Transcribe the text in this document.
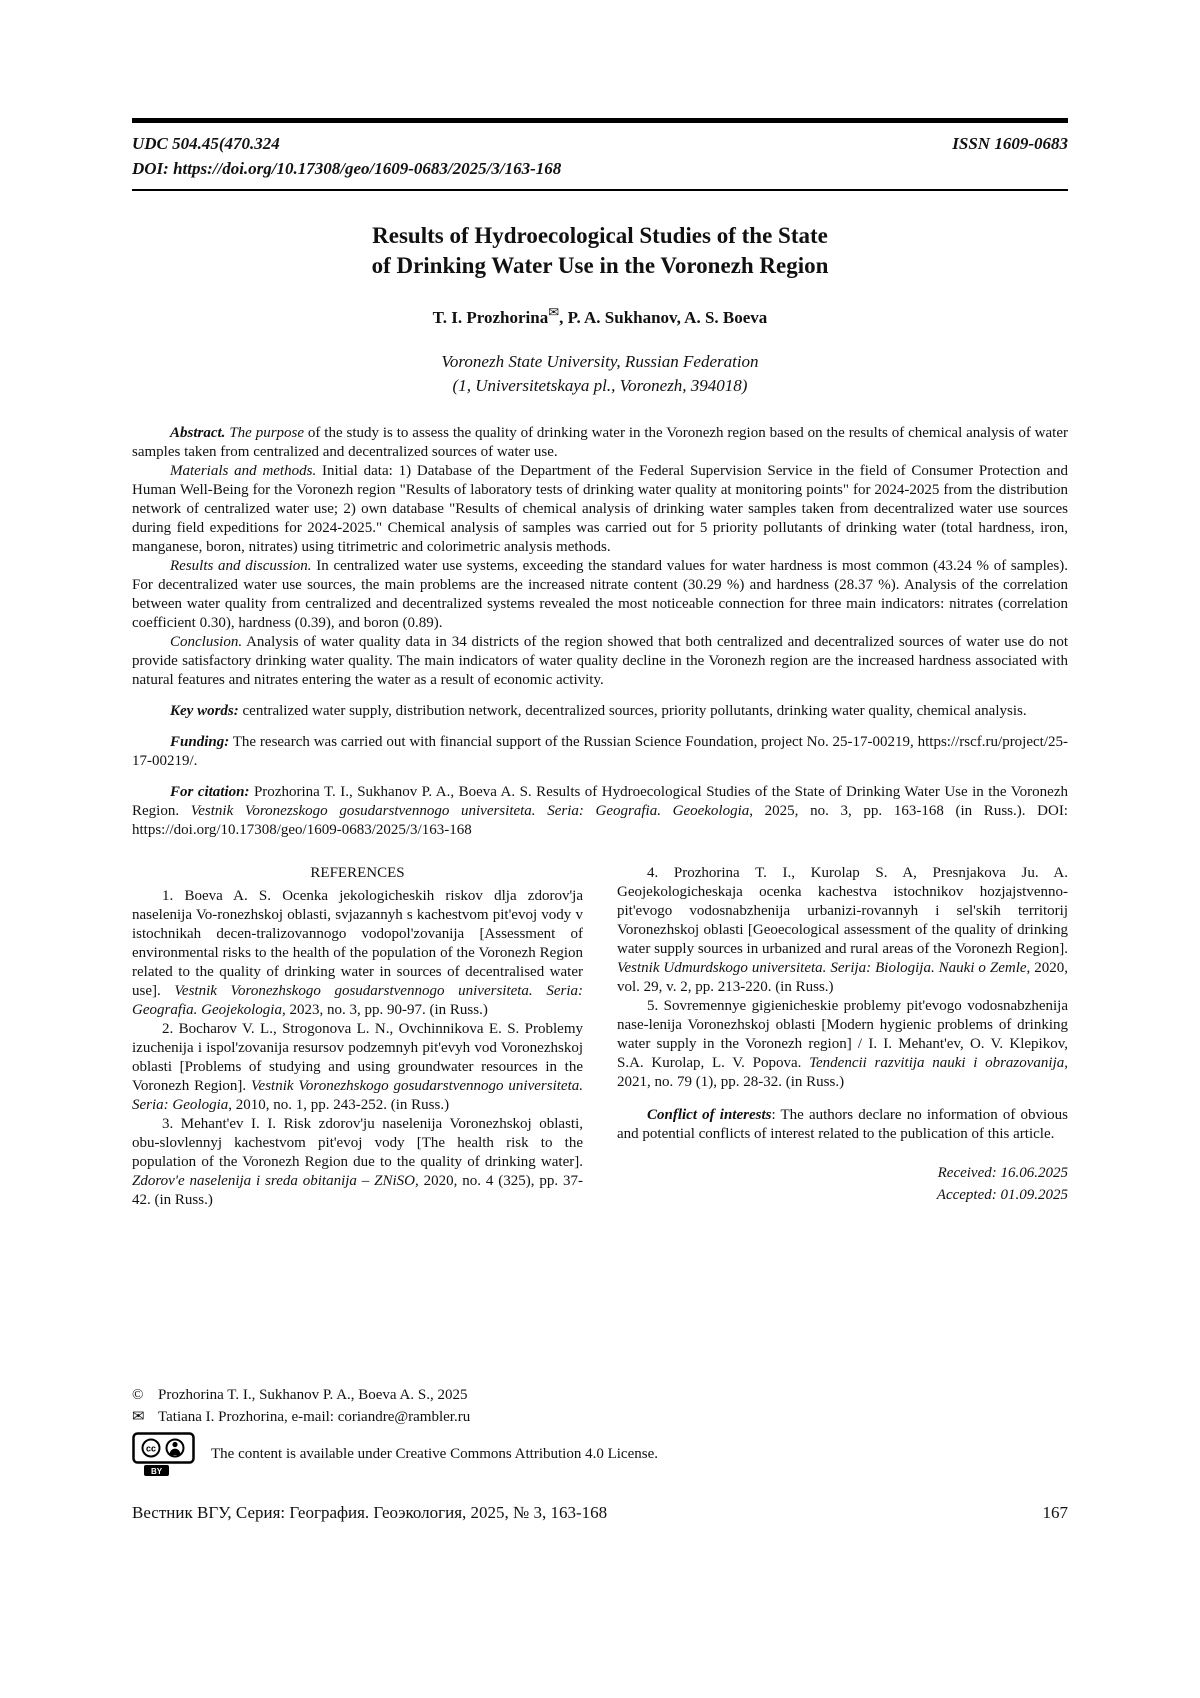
UDC 504.45(470.324	ISSN 1609-0683
DOI: https://doi.org/10.17308/geo/1609-0683/2025/3/163-168
Results of Hydroecological Studies of the State
of Drinking Water Use in the Voronezh Region
T. I. Prozhorina✉, P. A. Sukhanov, A. S. Boeva
Voronezh State University, Russian Federation
(1, Universitetskaya pl., Voronezh, 394018)

Abstract. The purpose of the study is to assess the quality of drinking water in the Voronezh region based on the results of chemical analysis of water samples taken from centralized and decentralized sources of water use.

Materials and methods. Initial data: 1) Database of the Department of the Federal Supervision Service in the field of Consumer Protection and Human Well-Being for the Voronezh region "Results of laboratory tests of drinking water quality at monitoring points" for 2024-2025 from the distribution network of centralized water use; 2) own database "Results of chemical analysis of drinking water samples taken from decentralized water use sources during field expeditions for 2024-2025." Chemical analysis of samples was carried out for 5 priority pollutants of drinking water (total hardness, iron, manganese, boron, nitrates) using titrimetric and colorimetric analysis methods.

Results and discussion. In centralized water use systems, exceeding the standard values for water hardness is most common (43.24 % of samples). For decentralized water use sources, the main problems are the increased nitrate content (30.29 %) and hardness (28.37 %). Analysis of the correlation between water quality from centralized and decentralized systems revealed the most noticeable connection for three main indicators: nitrates (correlation coefficient 0.30), hardness (0.39), and boron (0.89).

Conclusion. Analysis of water quality data in 34 districts of the region showed that both centralized and decentralized sources of water use do not provide satisfactory drinking water quality. The main indicators of water quality decline in the Voronezh region are the increased hardness associated with natural features and nitrates entering the water as a result of economic activity.

Key words: centralized water supply, distribution network, decentralized sources, priority pollutants, drinking water quality, chemical analysis.

Funding: The research was carried out with financial support of the Russian Science Foundation, project No. 25-17-00219, https://rscf.ru/project/25-17-00219/.

For citation: Prozhorina T. I., Sukhanov P. A., Boeva A. S. Results of Hydroecological Studies of the State of Drinking Water Use in the Voronezh Region. Vestnik Voronezskogo gosudarstvennogo universiteta. Seria: Geografia. Geoekologia, 2025, no. 3, pp. 163-168 (in Russ.). DOI: https://doi.org/10.17308/geo/1609-0683/2025/3/163-168

REFERENCES

1. Boeva A. S. Ocenka jekologicheskih riskov dlja zdorov'ja naselenija Vo-ronezhskoj oblasti, svjazannyh s kachestvom pit'evoj vody v istochnikah decen-tralizovannogo vodopol'zovanija [Assessment of environmental risks to the health of the population of the Voronezh Region related to the quality of drinking water in sources of decentralised water use]. Vestnik Voronezhskogo gosudarstvennogo universiteta. Seria: Geografia. Geojekologia, 2023, no. 3, pp. 90-97. (in Russ.)

2. Bocharov V. L., Strogonova L. N., Ovchinnikova E. S. Problemy izuchenija i ispol'zovanija resursov podzemnyh pit'evyh vod Voronezhskoj oblasti [Problems of studying and using groundwater resources in the Voronezh Region]. Vestnik Voronezhskogo gosudarstvennogo universiteta. Seria: Geologia, 2010, no. 1, pp. 243-252. (in Russ.)

3. Mehant'ev I. I. Risk zdorov'ju naselenija Voronezhskoj oblasti, obu-slovlennyj kachestvom pit'evoj vody [The health risk to the population of the Voronezh Region due to the quality of drinking water]. Zdorov'e naselenija i sreda obitanija – ZNiSO, 2020, no. 4 (325), pp. 37-42. (in Russ.)

4. Prozhorina T. I., Kurolap S. A, Presnjakova Ju. A. Geojekologicheskaja ocenka kachestva istochnikov hozjajstvenno-pit'evogo vodosnabzhenija urbanizi-rovannyh i sel'skih territorij Voronezhskoj oblasti [Geoecological assessment of the quality of drinking water supply sources in urbanized and rural areas of the Voronezh Region]. Vestnik Udmurdskogo universiteta. Serija: Biologija. Nauki o Zemle, 2020, vol. 29, v. 2, pp. 213-220. (in Russ.)

5. Sovremennye gigienicheskie problemy pit'evogo vodosnabzhenija nase-lenija Voronezhskoj oblasti [Modern hygienic problems of drinking water supply in the Voronezh region] / I. I. Mehant'ev, O. V. Klepikov, S.A. Kurolap, L. V. Popova. Tendencii razvitija nauki i obrazovanija, 2021, no. 79 (1), pp. 28-32. (in Russ.)

Conflict of interests: The authors declare no information of obvious and potential conflicts of interest related to the publication of this article.

Received: 16.06.2025
Accepted: 01.09.2025
© Prozhorina T. I., Sukhanov P. A., Boeva A. S., 2025
✉ Tatiana I. Prozhorina, e-mail: coriandre@rambler.ru
cc
BY
The content is available under Creative Commons Attribution 4.0 License.
Вестник ВГУ, Серия: География. Геоэкология, 2025, № 3, 163-168	167
